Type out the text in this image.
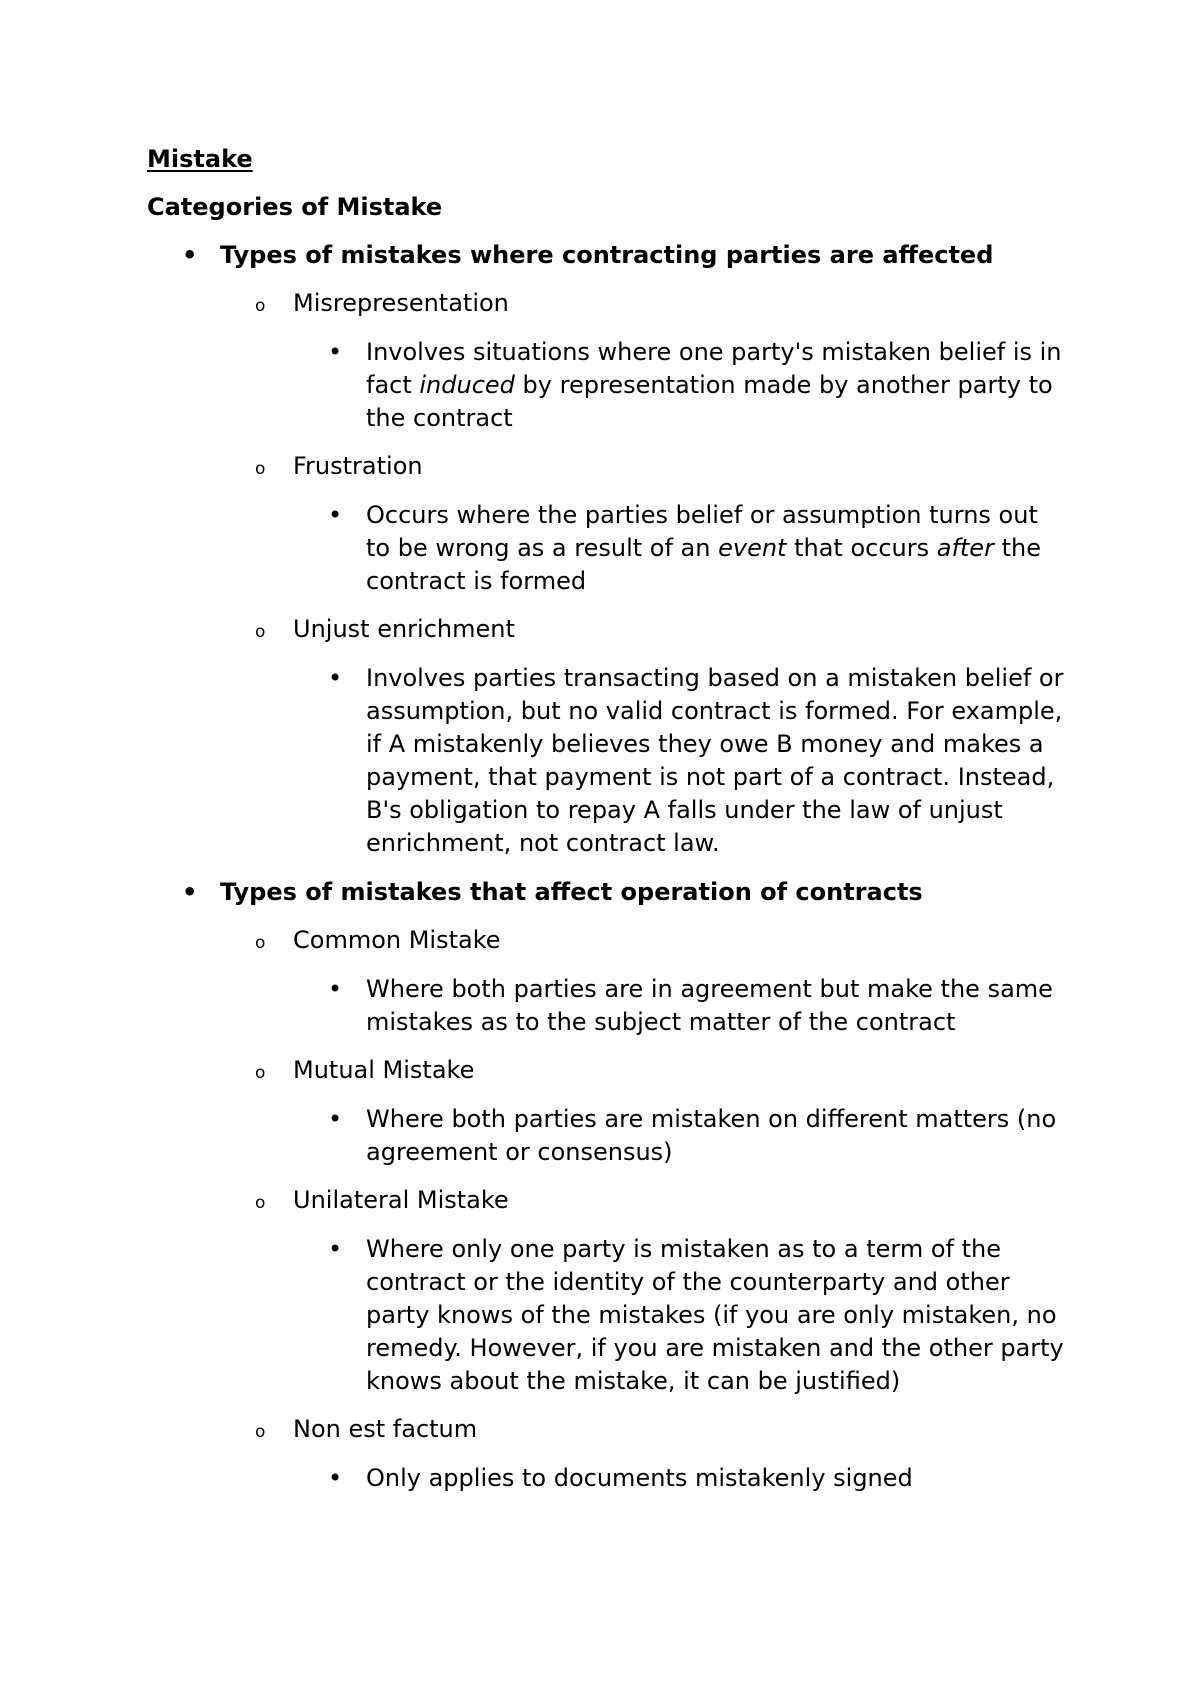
Mistake
Categories of Mistake
• Types of mistakes where contracting parties are affected
o Misrepresentation
• Involves situations where one party's mistaken belief is in fact induced by representation made by another party to the contract
o Frustration
• Occurs where the parties belief or assumption turns out to be wrong as a result of an event that occurs after the contract is formed
o Unjust enrichment
• Involves parties transacting based on a mistaken belief or assumption, but no valid contract is formed. For example, if A mistakenly believes they owe B money and makes a payment, that payment is not part of a contract. Instead, B's obligation to repay A falls under the law of unjust enrichment, not contract law.
• Types of mistakes that affect operation of contracts
o Common Mistake
• Where both parties are in agreement but make the same mistakes as to the subject matter of the contract
o Mutual Mistake
• Where both parties are mistaken on different matters (no agreement or consensus)
o Unilateral Mistake
• Where only one party is mistaken as to a term of the contract or the identity of the counterparty and other party knows of the mistakes (if you are only mistaken, no remedy. However, if you are mistaken and the other party knows about the mistake, it can be justified)
o Non est factum
• Only applies to documents mistakenly signed
